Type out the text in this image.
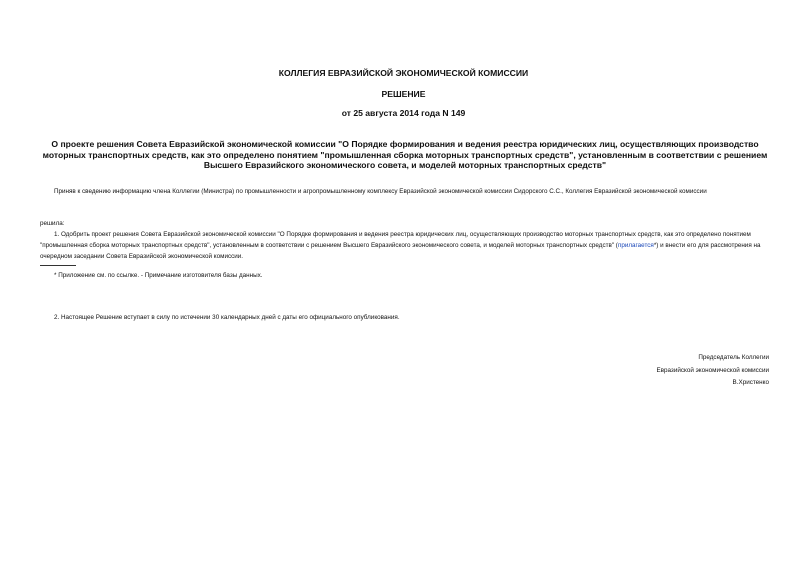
КОЛЛЕГИЯ ЕВРАЗИЙСКОЙ ЭКОНОМИЧЕСКОЙ КОМИССИИ
РЕШЕНИЕ
от 25 августа 2014 года N 149
О проекте решения Совета Евразийской экономической комиссии "О Порядке формирования и ведения реестра юридических лиц, осуществляющих производство моторных транспортных средств, как это определено понятием "промышленная сборка моторных транспортных средств", установленным в соответствии с решением Высшего Евразийского экономического совета, и моделей моторных транспортных средств"
Приняв к сведению информацию члена Коллегии (Министра) по промышленности и агропромышленному комплексу Евразийской экономической комиссии Сидорского С.С., Коллегия Евразийской экономической комиссии
решила:
1. Одобрить проект решения Совета Евразийской экономической комиссии "О Порядке формирования и ведения реестра юридических лиц, осуществляющих производство моторных транспортных средств, как это определено понятием "промышленная сборка моторных транспортных средств", установленным в соответствии с решением Высшего Евразийского экономического совета, и моделей моторных транспортных средств" (прилагается*) и внести его для рассмотрения на очередном заседании Совета Евразийской экономической комиссии.
* Приложение см. по ссылке. - Примечание изготовителя базы данных.
2. Настоящее Решение вступает в силу по истечении 30 календарных дней с даты его официального опубликования.
Председатель Коллегии
Евразийской экономической комиссии
В.Христенко
